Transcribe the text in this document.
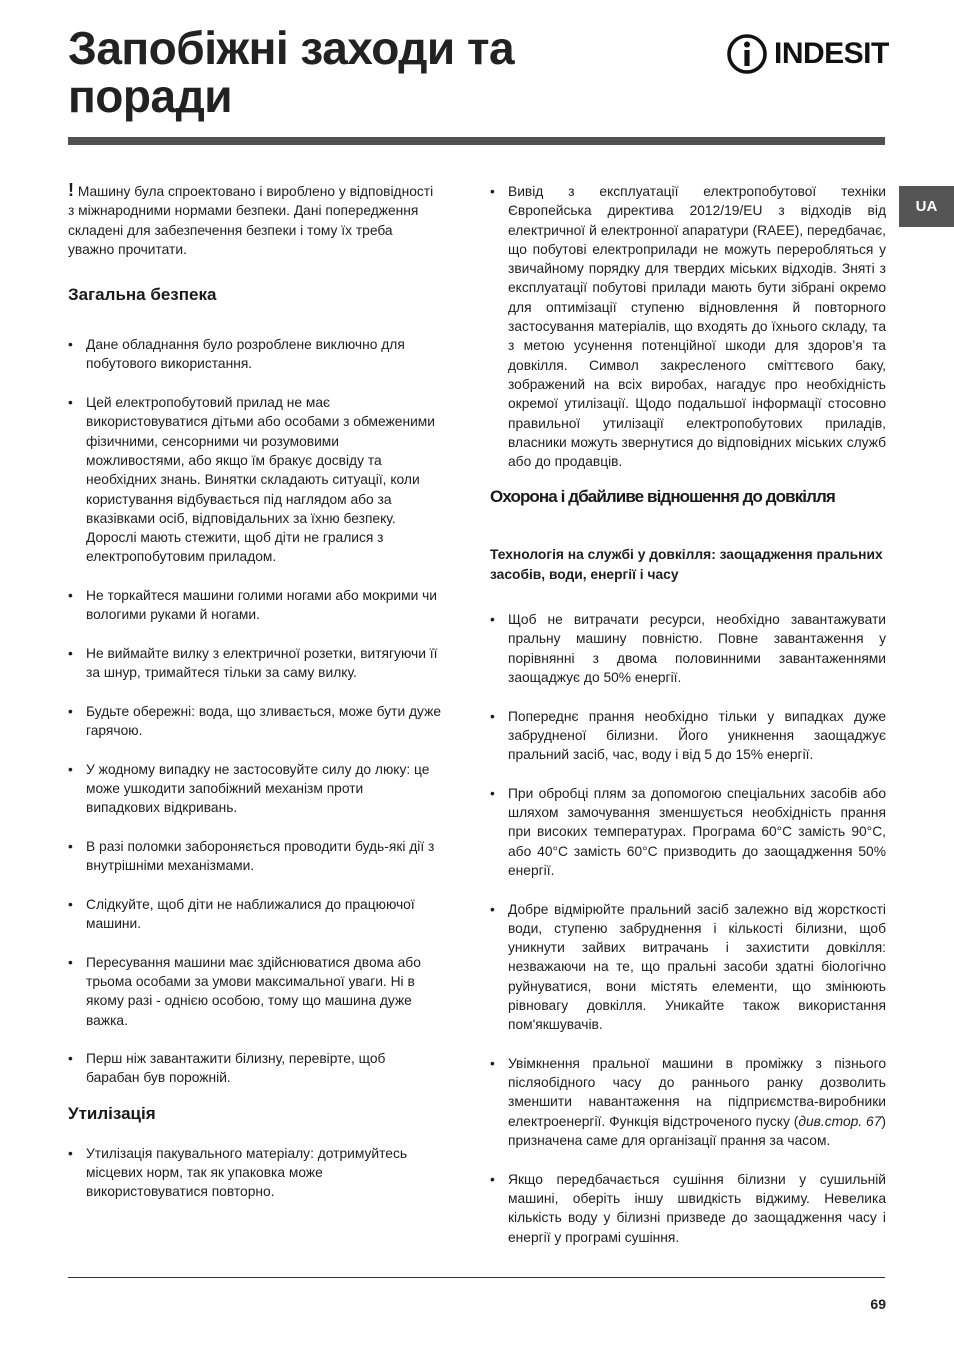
Запобіжні заходи та поради
INDESIT
UA

! Машину була спроектовано і вироблено у відповідності з міжнародними нормами безпеки. Дані попередження складені для забезпечення безпеки і тому їх треба уважно прочитати.

Загальна безпека
• Дане обладнання було розроблене виключно для побутового використання.
• Цей електропобутовий прилад не має використовуватися дітьми або особами з обмеженими фізичними, сенсорними чи розумовими можливостями, або якщо їм бракує досвіду та необхідних знань. Винятки складають ситуації, коли користування відбувається під наглядом або за вказівками осіб, відповідальних за їхню безпеку. Дорослі мають стежити, щоб діти не гралися з електропобутовим приладом.
• Не торкайтеся машини голими ногами або мокрими чи вологими руками й ногами.
• Не виймайте вилку з електричної розетки, витягуючи її за шнур, тримайтеся тільки за саму вилку.
• Будьте обережні: вода, що зливається, може бути дуже гарячою.
• У жодному випадку не застосовуйте силу до люку: це може ушкодити запобіжний механізм проти випадкових відкривань.
• В разі поломки забороняється проводити будь-які дії з внутрішніми механізмами.
• Слідкуйте, щоб діти не наближалися до працюючої машини.
• Пересування машини має здійснюватися двома або трьома особами за умови максимальної уваги. Ні в якому разі - однією особою, тому що машина дуже важка.
• Перш ніж завантажити білизну, перевірте, щоб барабан був порожній.
Утилізація
• Утилізація пакувального матеріалу: дотримуйтесь місцевих норм, так як упаковка може використовуватися повторно.
• Вивід з експлуатації електропобутової техніки Європейська директива 2012/19/EU з відходів від електричної й електронної апаратури (RAEE), передбачає, що побутові електроприлади не можуть переробляться у звичайному порядку для твердих міських відходів. Зняті з експлуатації побутові прилади мають бути зібрані окремо для оптимізації ступеню відновлення й повторного застосування матеріалів, що входять до їхнього складу, та з метою усунення потенційної шкоди для здоров’я та довкілля. Символ закресленого сміттєвого баку, зображений на всіх виробах, нагадує про необхідність окремої утилізації. Щодо подальшої інформації стосовно правильної утилізації електропобутових приладів, власники можуть звернутися до відповідних міських служб або до продавців.
Охорона і дбайливе відношення до довкілля
Технологія на службі у довкілля: заощадження пральних засобів, води, енергії і часу
• Щоб не витрачати ресурси, необхідно завантажувати пральну машину повністю. Повне завантаження у порівнянні з двома половинними завантаженнями заощаджує до 50% енергії.
• Попереднє прання необхідно тільки у випадках дуже забрудненої білизни. Його уникнення заощаджує пральний засіб, час, воду і від 5 до 15% енергії.
• При обробці плям за допомогою спеціальних засобів або шляхом замочування зменшується необхідність прання при високих температурах. Програма 60°С замість 90°С, або 40°С замість 60°С призводить до заощадження 50% енергії.
• Добре відмірюйте пральний засіб залежно від жорсткості води, ступеню забруднення і кількості білизни, щоб уникнути зайвих витрачань і захистити довкілля: незважаючи на те, що пральні засоби здатні біологічно руйнуватися, вони містять елементи, що змінюють рівновагу довкілля. Уникайте також використання пом'якшувачів.
• Увімкнення пральної машини в проміжку з пізнього післяобідного часу до раннього ранку дозволить зменшити навантаження на підприємства-виробники електроенергії. Функція відстроченого пуску (див.стор. 67) призначена саме для організації прання за часом.
• Якщо передбачається сушіння білизни у сушильній машині, оберіть іншу швидкість віджиму. Невелика кількість воду у білизні призведе до заощадження часу і енергії у програмі сушіння.
69
